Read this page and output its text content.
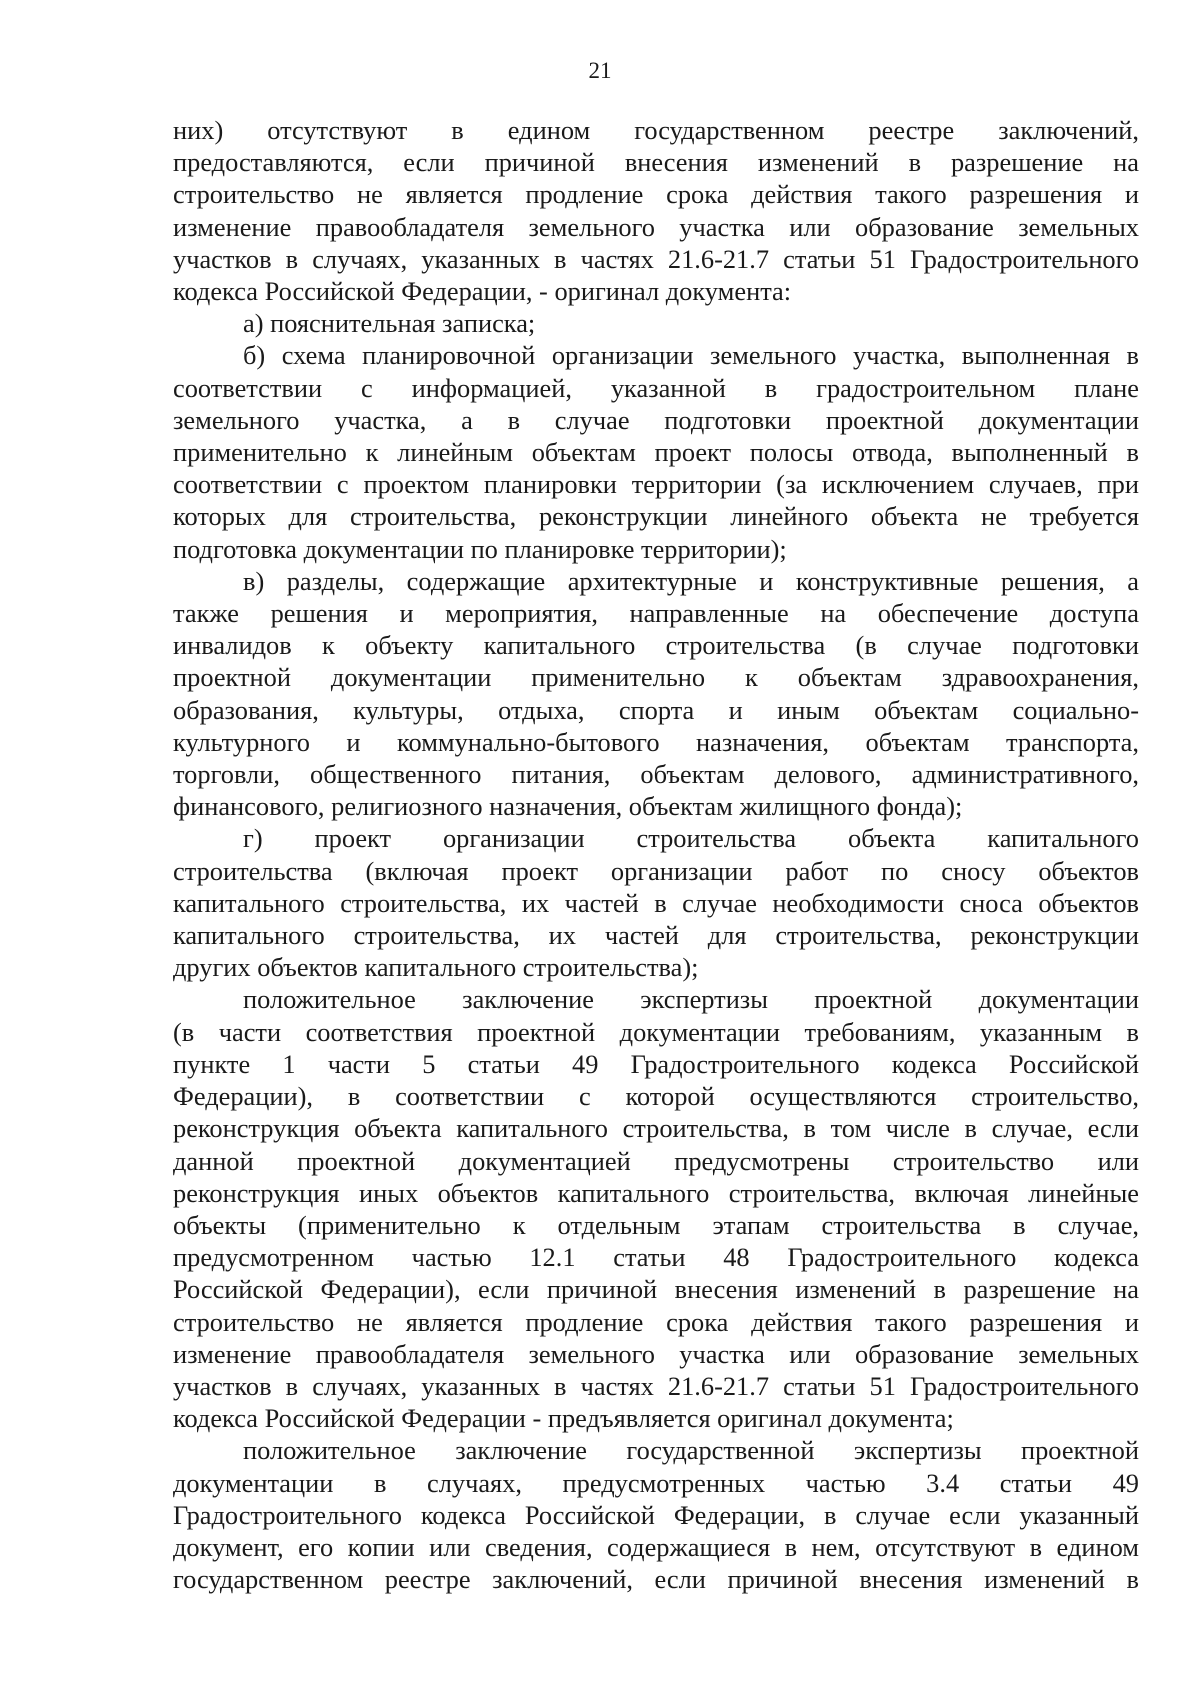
21

них) отсутствуют в едином государственном реестре заключений,
предоставляются, если причиной внесения изменений в разрешение на
строительство не является продление срока действия такого разрешения и
изменение правообладателя земельного участка или образование земельных
участков в случаях, указанных в частях 21.6-21.7 статьи 51 Градостроительного
кодекса Российской Федерации, - оригинал документа:

а) пояснительная записка;

б) схема планировочной организации земельного участка, выполненная в
соответствии с информацией, указанной в градостроительном плане
земельного участка, а в случае подготовки проектной документации
применительно к линейным объектам проект полосы отвода, выполненный в
соответствии с проектом планировки территории (за исключением случаев, при
которых для строительства, реконструкции линейного объекта не требуется
подготовка документации по планировке территории);

в) разделы, содержащие архитектурные и конструктивные решения, а
также решения и мероприятия, направленные на обеспечение доступа
инвалидов к объекту капитального строительства (в случае подготовки
проектной документации применительно к объектам здравоохранения,
образования, культуры, отдыха, спорта и иным объектам социально-
культурного и коммунально-бытового назначения, объектам транспорта,
торговли, общественного питания, объектам делового, административного,
финансового, религиозного назначения, объектам жилищного фонда);

г) проект организации строительства объекта капитального
строительства (включая проект организации работ по сносу объектов
капитального строительства, их частей в случае необходимости сноса объектов
капитального строительства, их частей для строительства, реконструкции
других объектов капитального строительства);

положительное заключение экспертизы проектной документации
(в части соответствия проектной документации требованиям, указанным в
пункте 1 части 5 статьи 49 Градостроительного кодекса Российской
Федерации), в соответствии с которой осуществляются строительство,
реконструкция объекта капитального строительства, в том числе в случае, если
данной проектной документацией предусмотрены строительство или
реконструкция иных объектов капитального строительства, включая линейные
объекты (применительно к отдельным этапам строительства в случае,
предусмотренном частью 12.1 статьи 48 Градостроительного кодекса
Российской Федерации), если причиной внесения изменений в разрешение на
строительство не является продление срока действия такого разрешения и
изменение правообладателя земельного участка или образование земельных
участков в случаях, указанных в частях 21.6-21.7 статьи 51 Градостроительного
кодекса Российской Федерации - предъявляется оригинал документа;

положительное заключение государственной экспертизы проектной
документации в случаях, предусмотренных частью 3.4 статьи 49
Градостроительного кодекса Российской Федерации, в случае если указанный
документ, его копии или сведения, содержащиеся в нем, отсутствуют в едином
государственном реестре заключений, если причиной внесения изменений в
